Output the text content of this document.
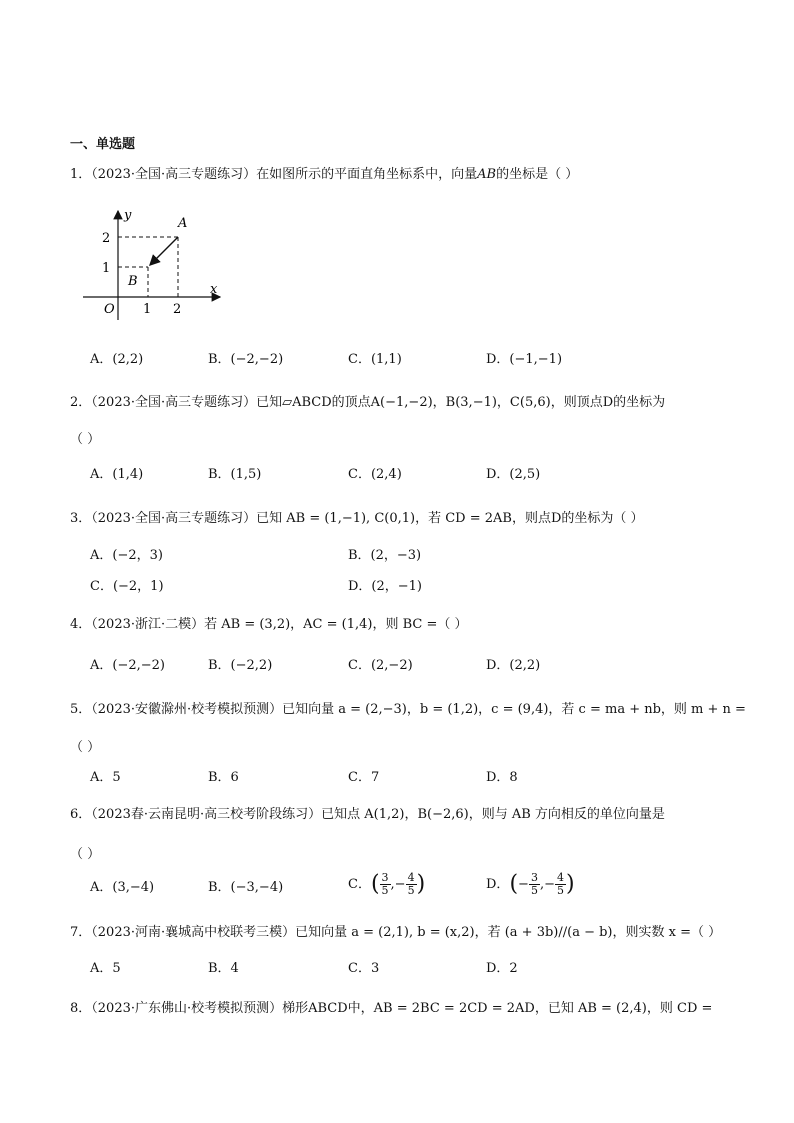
一、单选题
1．（2023·全国·高三专题练习）在如图所示的平面直角坐标系中，向量AB的坐标是（ ）
y
x
O
A
B
2
1
1 2
A．(2,2)	B．(−2,−2)	C．(1,1)	D．(−1,−1)
2．（2023·全国·高三专题练习）已知▱ABCD的顶点A(−1,−2)，B(3,−1)，C(5,6)，则顶点D的坐标为
（ ）
A．(1,4)	B．(1,5)	C．(2,4)	D．(2,5)
3．（2023·全国·高三专题练习）已知 AB = (1,−1), C(0,1)，若 CD = 2AB，则点D的坐标为（ ）
A．(−2，3)	B．(2，−3)
C．(−2，1)	D．(2，−1)
4．（2023·浙江·二模）若 AB = (3,2)，AC = (1,4)，则 BC =（ ）
A．(−2,−2)	B．(−2,2)	C．(2,−2)	D．(2,2)
5．（2023·安徽滁州·校考模拟预测）已知向量 a = (2,−3)，b = (1,2)，c = (9,4)，若 c = ma + nb，则 m + n =
（ ）
A．5	B．6	C．7	D．8
6．（2023春·云南昆明·高三校考阶段练习）已知点 A(1,2)，B(−2,6)，则与 AB 方向相反的单位向量是
（ ）
A．(3,−4)	B．(−3,−4)	C．( $\frac{3}{5}$ ,− $\frac{4}{5}$ )	D．(− $\frac{3}{5}$ ,− $\frac{4}{5}$ )
7．（2023·河南·襄城高中校联考三模）已知向量 a = (2,1), b = (x,2)，若 (a + 3b)//(a − b)，则实数 x =（ ）
A．5	B．4	C．3	D．2
8．（2023·广东佛山·校考模拟预测）梯形ABCD中，AB = 2BC = 2CD = 2AD，已知 AB = (2,4)，则 CD =
